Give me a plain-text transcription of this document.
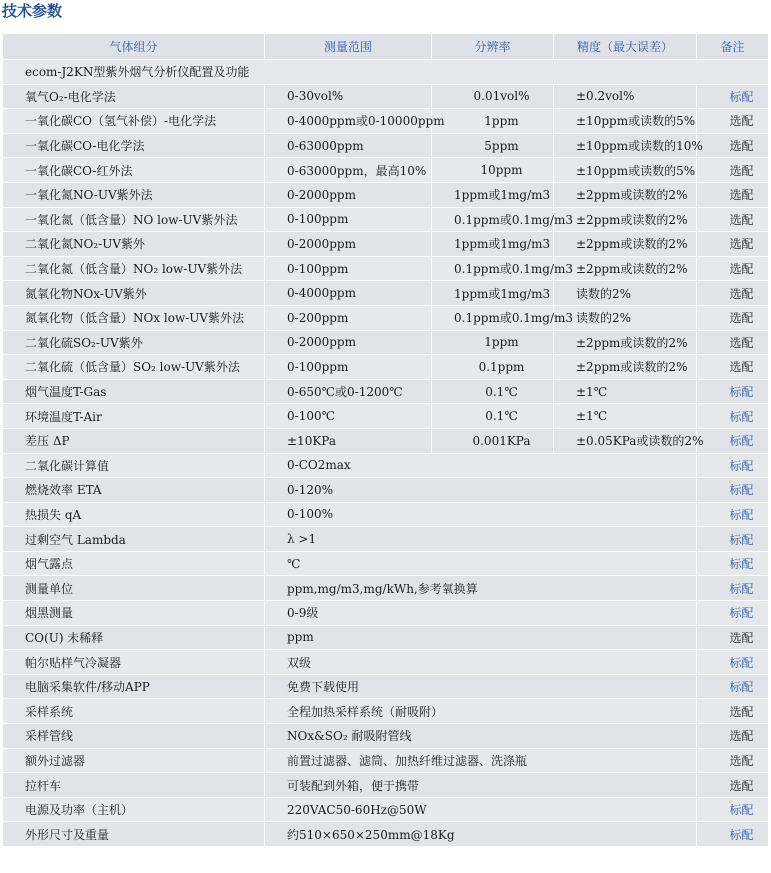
技术参数
气体组分	测量范围	分辨率	精度（最大误差）	备注
ecom-J2KN型紫外烟气分析仪配置及功能				
氧气O₂-电化学法	0-30vol%	0.01vol%	±0.2vol%	标配
一氧化碳CO（氢气补偿）-电化学法	0-4000ppm或0-10000ppm	1ppm	±10ppm或读数的5%	选配
一氧化碳CO-电化学法	0-63000ppm	5ppm	±10ppm或读数的10%	选配
一氧化碳CO-红外法	0-63000ppm，最高10%	10ppm	±10ppm或读数的5%	选配
一氧化氮NO-UV紫外法	0-2000ppm	1ppm或1mg/m3	±2ppm或读数的2%	选配
一氧化氮（低含量）NO low-UV紫外法	0-100ppm	0.1ppm或0.1mg/m3	±2ppm或读数的2%	选配
二氧化氮NO₂-UV紫外	0-2000ppm	1ppm或1mg/m3	±2ppm或读数的2%	选配
二氧化氮（低含量）NO₂ low-UV紫外法	0-100ppm	0.1ppm或0.1mg/m3	±2ppm或读数的2%	选配
氮氧化物NOx-UV紫外	0-4000ppm	1ppm或1mg/m3	读数的2%	选配
氮氧化物（低含量）NOx low-UV紫外法	0-200ppm	0.1ppm或0.1mg/m3	读数的2%	选配
二氧化硫SO₂-UV紫外	0-2000ppm	1ppm	±2ppm或读数的2%	选配
二氧化硫（低含量）SO₂ low-UV紫外法	0-100ppm	0.1ppm	±2ppm或读数的2%	选配
烟气温度T-Gas	0-650℃或0-1200℃	0.1℃	±1℃	标配
环境温度T-Air	0-100℃	0.1℃	±1℃	标配
差压 ΔP	±10KPa	0.001KPa	±0.05KPa或读数的2%	标配
二氧化碳计算值	0-CO2max			标配
燃烧效率 ETA	0-120%			标配
热损失 qA	0-100%			标配
过剩空气 Lambda	λ >1			标配
烟气露点	℃			标配
测量单位	ppm,mg/m3,mg/kWh,参考氧换算			标配
烟黑测量	0-9级			标配
CO(U) 未稀释	ppm			选配
帕尔贴样气冷凝器	双级			标配
电脑采集软件/移动APP	免费下载使用			标配
采样系统	全程加热采样系统（耐吸附）			选配
采样管线	NOx&SO₂ 耐吸附管线			选配
额外过滤器	前置过滤器、滤筒、加热纤维过滤器、洗涤瓶			选配
拉杆车	可装配到外箱，便于携带			选配
电源及功率（主机）	220VAC50-60Hz@50W			标配
外形尺寸及重量	约510×650×250mm@18Kg			标配
